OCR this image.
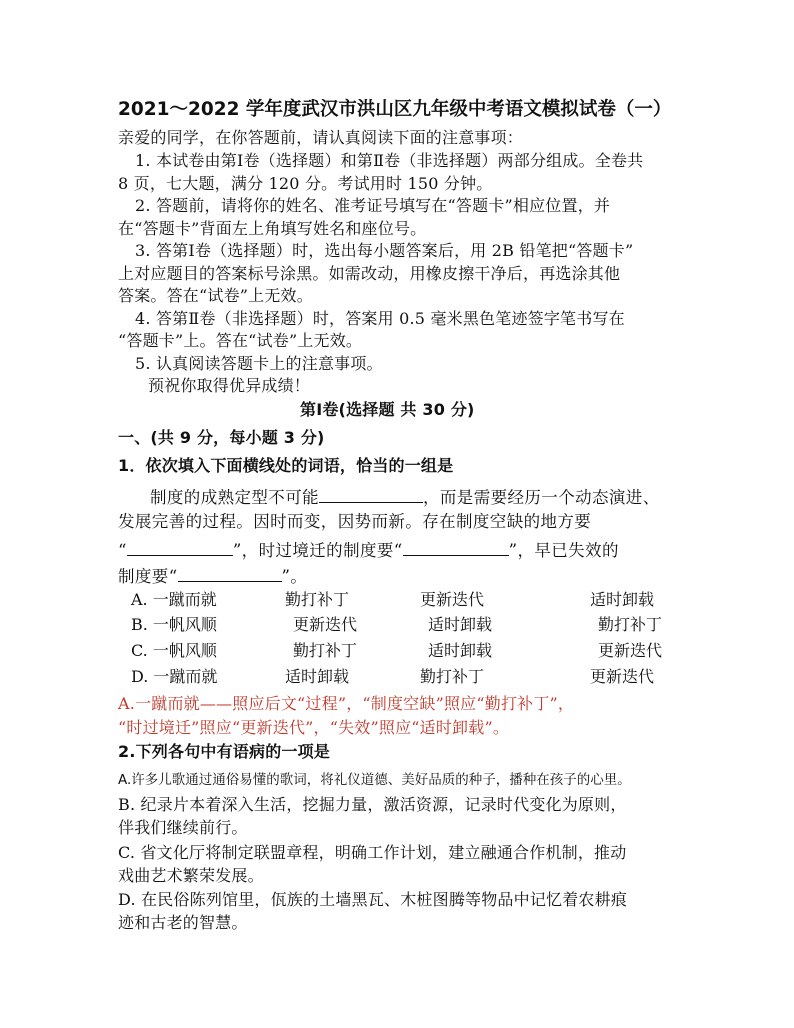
2021～2022 学年度武汉市洪山区九年级中考语文模拟试卷（一）
亲爱的同学，在你答题前，请认真阅读下面的注意事项：
1. 本试卷由第Ⅰ卷（选择题）和第Ⅱ卷（非选择题）两部分组成。全卷共
8 页，七大题，满分 120 分。考试用时 150 分钟。
2. 答题前，请将你的姓名、准考证号填写在“答题卡”相应位置，并
在“答题卡”背面左上角填写姓名和座位号。
3. 答第Ⅰ卷（选择题）时，选出每小题答案后，用 2B 铅笔把“答题卡”
上对应题目的答案标号涂黑。如需改动，用橡皮擦干净后，再选涂其他
答案。答在“试卷”上无效。
4. 答第Ⅱ卷（非选择题）时，答案用 0.5 毫米黑色笔迹签字笔书写在
“答题卡”上。答在“试卷”上无效。
5. 认真阅读答题卡上的注意事项。
预祝你取得优异成绩！
第Ⅰ卷(选择题 共 30 分)
一、(共 9 分，每小题 3 分)
1．依次填入下面横线处的词语，恰当的一组是
制度的成熟定型不可能	，而是需要经历一个动态演进、
发展完善的过程。因时而变，因势而新。存在制度空缺的地方要
“	”，时过境迁的制度要“	”，早已失效的
制度要“	”。
A. 一蹴而就	勤打补丁	更新迭代	适时卸载
B. 一帆风顺	更新迭代	适时卸载	勤打补丁
C. 一帆风顺	勤打补丁	适时卸载	更新迭代
D. 一蹴而就	适时卸载	勤打补丁	更新迭代
A.一蹴而就——照应后文“过程”，“制度空缺”照应“勤打补丁”，
“时过境迁”照应“更新迭代”，“失效”照应“适时卸载”。
2.下列各句中有语病的一项是
A.许多儿歌通过通俗易懂的歌词，将礼仪道德、美好品质的种子，播种在孩子的心里。
B. 纪录片本着深入生活，挖掘力量，激活资源，记录时代变化为原则，
伴我们继续前行。
C. 省文化厅将制定联盟章程，明确工作计划，建立融通合作机制，推动
戏曲艺术繁荣发展。
D. 在民俗陈列馆里，佤族的土墙黑瓦、木桩图腾等物品中记忆着农耕痕
迹和古老的智慧。
